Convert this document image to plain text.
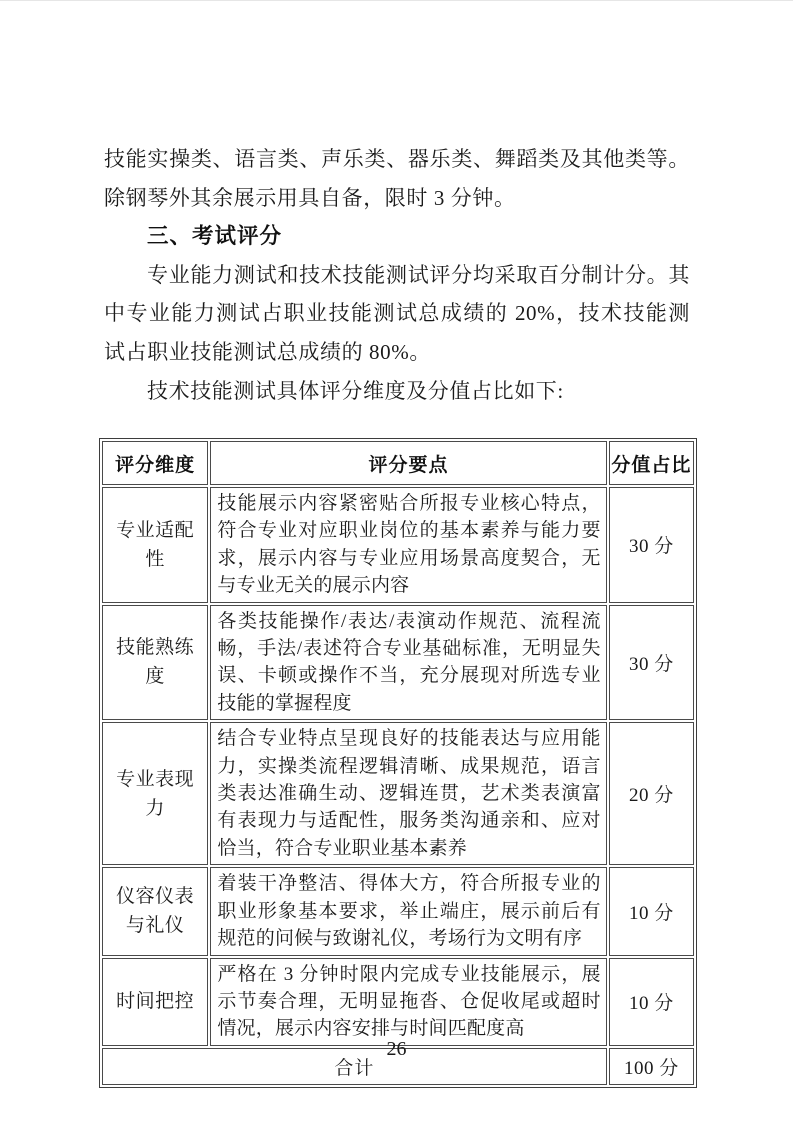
技能实操类、语言类、声乐类、器乐类、舞蹈类及其他类等。除钢琴外其余展示用具自备，限时 3 分钟。

三、考试评分

专业能力测试和技术技能测试评分均采取百分制计分。其中专业能力测试占职业技能测试总成绩的 20%，技术技能测试占职业技能测试总成绩的 80%。

技术技能测试具体评分维度及分值占比如下:

评分维度	评分要点	分值占比
专业适配性	技能展示内容紧密贴合所报专业核心特点，符合专业对应职业岗位的基本素养与能力要求，展示内容与专业应用场景高度契合，无与专业无关的展示内容	30 分
技能熟练度	各类技能操作/表达/表演动作规范、流程流畅，手法/表述符合专业基础标准，无明显失误、卡顿或操作不当，充分展现对所选专业技能的掌握程度	30 分
专业表现力	结合专业特点呈现良好的技能表达与应用能力，实操类流程逻辑清晰、成果规范，语言类表达准确生动、逻辑连贯，艺术类表演富有表现力与适配性，服务类沟通亲和、应对恰当，符合专业职业基本素养	20 分
仪容仪表与礼仪	着装干净整洁、得体大方，符合所报专业的职业形象基本要求，举止端庄，展示前后有规范的问候与致谢礼仪，考场行为文明有序	10 分
时间把控	严格在 3 分钟时限内完成专业技能展示，展示节奏合理，无明显拖沓、仓促收尾或超时情况，展示内容安排与时间匹配度高	10 分
合计		100 分
26
